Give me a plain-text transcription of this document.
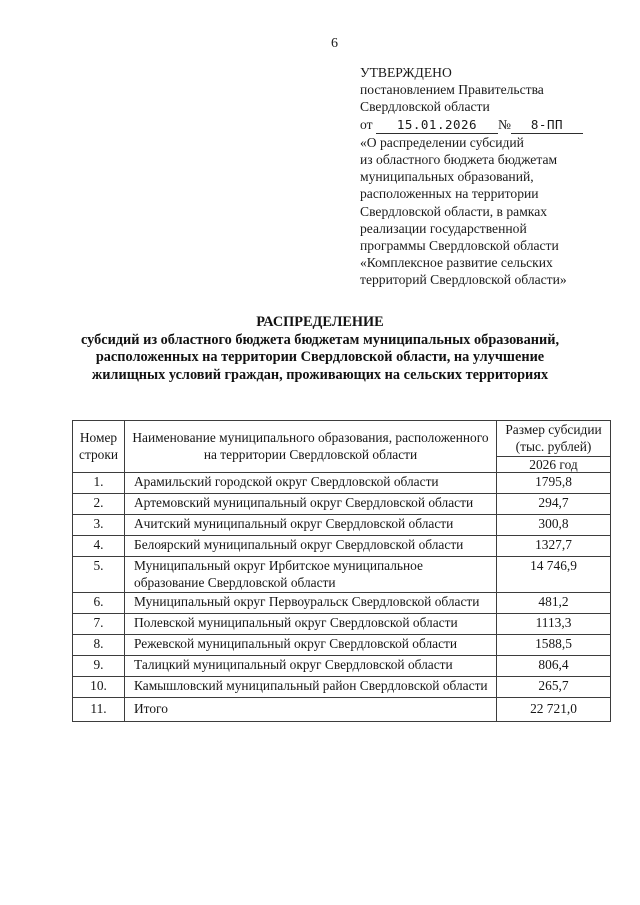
6
УТВЕРЖДЕНО
постановлением Правительства
Свердловской области
от 15.01.2026 № 8-ПП
«О распределении субсидий
из областного бюджета бюджетам
муниципальных образований,
расположенных на территории
Свердловской области, в рамках
реализации государственной
программы Свердловской области
«Комплексное развитие сельских
территорий Свердловской области»
РАСПРЕДЕЛЕНИЕ
субсидий из областного бюджета бюджетам муниципальных образований,
расположенных на территории Свердловской области, на улучшение
жилищных условий граждан, проживающих на сельских территориях
Номер строки	Наименование муниципального образования, расположенного на территории Свердловской области	Размер субсидии (тыс. рублей)
		2026 год
1.	Арамильский городской округ Свердловской области	1795,8
2.	Артемовский муниципальный округ Свердловской области	294,7
3.	Ачитский муниципальный округ Свердловской области	300,8
4.	Белоярский муниципальный округ Свердловской области	1327,7
5.	Муниципальный округ Ирбитское муниципальное образование Свердловской области	14 746,9
6.	Муниципальный округ Первоуральск Свердловской области	481,2
7.	Полевской муниципальный округ Свердловской области	1113,3
8.	Режевской муниципальный округ Свердловской области	1588,5
9.	Талицкий муниципальный округ Свердловской области	806,4
10.	Камышловский муниципальный район Свердловской области	265,7
11.	Итого	22 721,0
